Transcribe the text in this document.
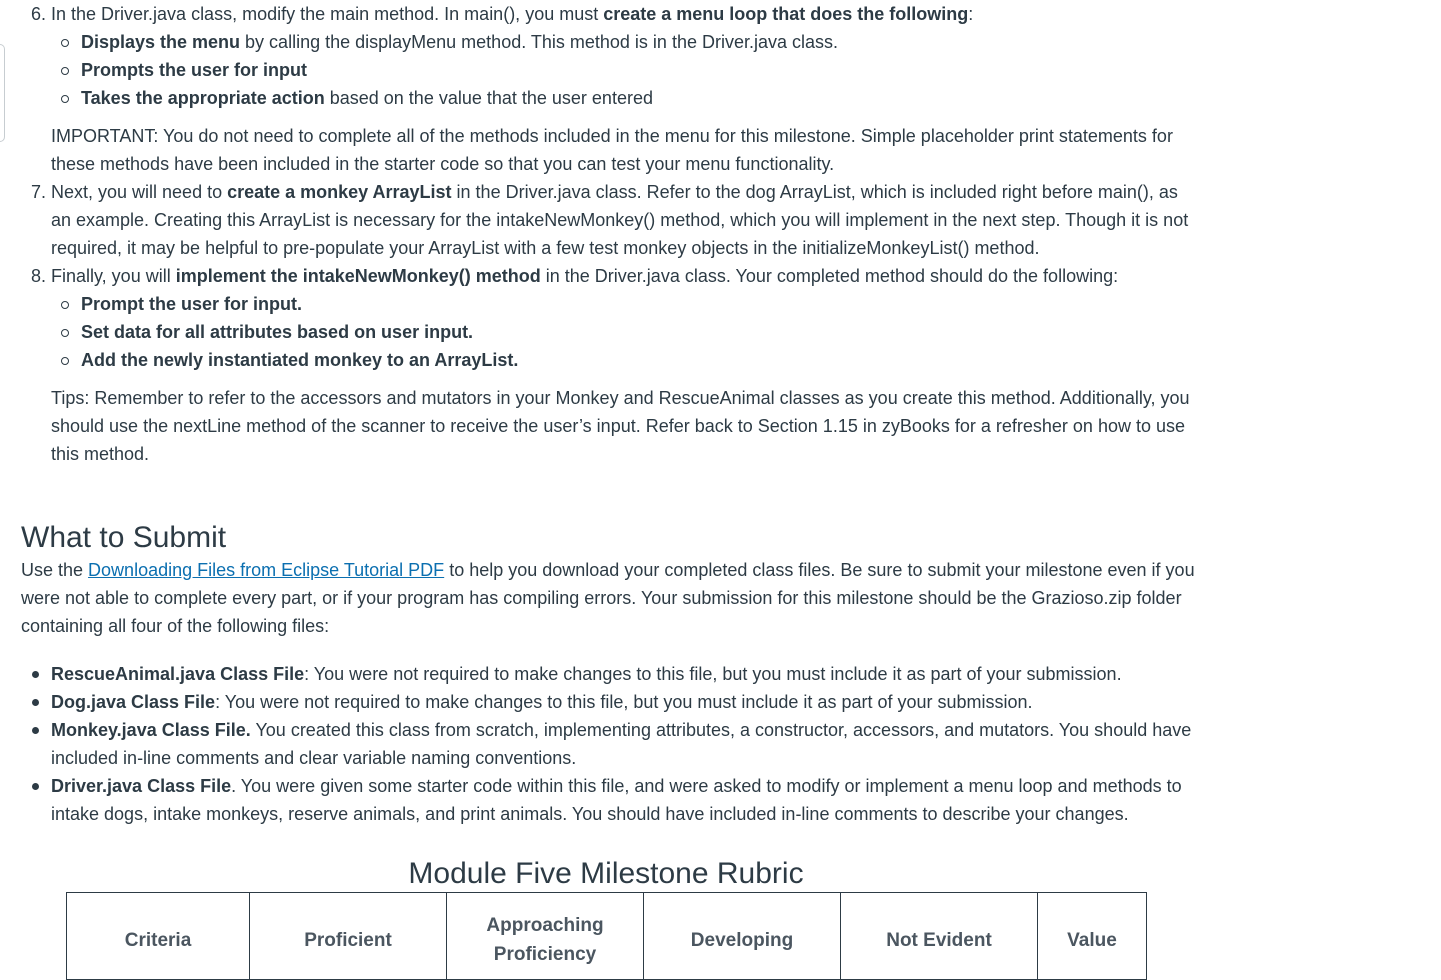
6. In the Driver.java class, modify the main method. In main(), you must create a menu loop that does the following:
Displays the menu by calling the displayMenu method. This method is in the Driver.java class.
Prompts the user for input
Takes the appropriate action based on the value that the user entered
IMPORTANT: You do not need to complete all of the methods included in the menu for this milestone. Simple placeholder print statements for these methods have been included in the starter code so that you can test your menu functionality.
7. Next, you will need to create a monkey ArrayList in the Driver.java class. Refer to the dog ArrayList, which is included right before main(), as an example. Creating this ArrayList is necessary for the intakeNewMonkey() method, which you will implement in the next step. Though it is not required, it may be helpful to pre-populate your ArrayList with a few test monkey objects in the initializeMonkeyList() method.
8. Finally, you will implement the intakeNewMonkey() method in the Driver.java class. Your completed method should do the following:
Prompt the user for input.
Set data for all attributes based on user input.
Add the newly instantiated monkey to an ArrayList.
Tips: Remember to refer to the accessors and mutators in your Monkey and RescueAnimal classes as you create this method. Additionally, you should use the nextLine method of the scanner to receive the user’s input. Refer back to Section 1.15 in zyBooks for a refresher on how to use this method.
What to Submit

Use the Downloading Files from Eclipse Tutorial PDF to help you download your completed class files. Be sure to submit your milestone even if you were not able to complete every part, or if your program has compiling errors. Your submission for this milestone should be the Grazioso.zip folder containing all four of the following files:

RescueAnimal.java Class File: You were not required to make changes to this file, but you must include it as part of your submission.
Dog.java Class File: You were not required to make changes to this file, but you must include it as part of your submission.
Monkey.java Class File. You created this class from scratch, implementing attributes, a constructor, accessors, and mutators. You should have included in-line comments and clear variable naming conventions.
Driver.java Class File. You were given some starter code within this file, and were asked to modify or implement a menu loop and methods to intake dogs, intake monkeys, reserve animals, and print animals. You should have included in-line comments to describe your changes.
Module Five Milestone Rubric
Criteria	Proficient	Approaching Proficiency	Developing	Not Evident	Value
